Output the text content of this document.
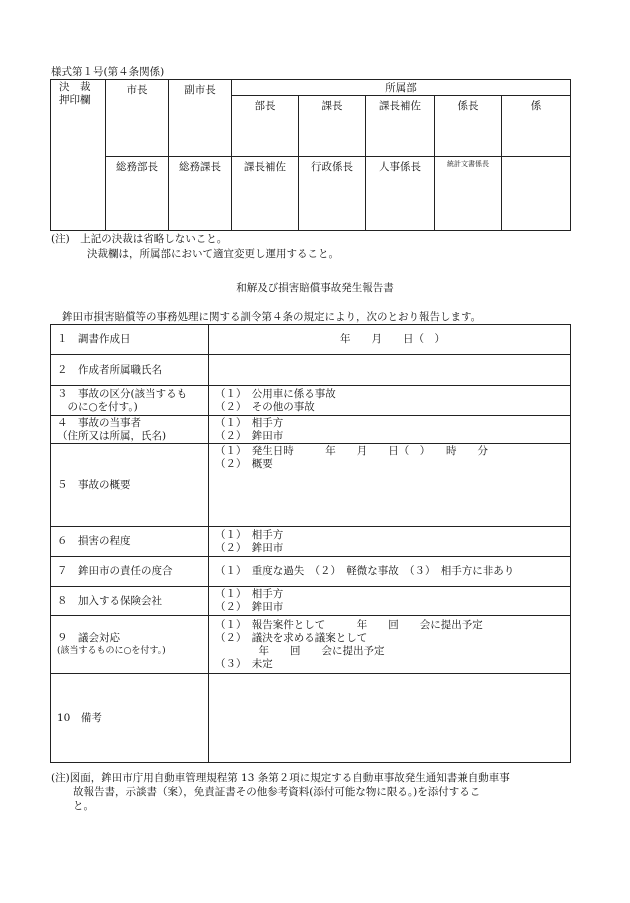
様式第１号(第４条関係)
決　裁
押印欄	市長	副市長	所属部				

			部長	課長	課長補佐	係長	係

	総務部長	総務課長	課長補佐	行政係長	人事係長	統計文書係長	

(注)　上記の決裁は省略しないこと。
決裁欄は，所属部において適宜変更し運用すること。
和解及び損害賠償事故発生報告書
鉾田市損害賠償等の事務処理に関する訓令第４条の規定により，次のとおり報告します。
１　調書作成日	年　　月　　日（　）

２　作成者所属職氏名	

３　事故の区分(該当するも
　のに○を付す。)	（１）　公用車に係る事故
（２）　その他の事故

４　事故の当事者
（住所又は所属，氏名)	（１）　相手方
（２）　鉾田市

５　事故の概要	（１）　発生日時　　　年　　月　　日（　）　　時　　分
（２）　概要

６　損害の程度	（１）　相手方
（２）　鉾田市

７　鉾田市の責任の度合	（１）　重度な過失　（２）　軽微な事故　（３）　相手方に非あり

８　加入する保険会社	（１）　相手方
（２）　鉾田市

９　議会対応
(該当するものに○を付す。)	（１）　報告案件として　　　年　　回　　会に提出予定
（２）　議決を求める議案として
　　　年　　回　　会に提出予定
（３）　未定

10　備考	

(注)図面，鉾田市庁用自動車管理規程第 13 条第２項に規定する自動車事故発生通知書兼自動車事
故報告書，示談書（案），免責証書その他参考資料(添付可能な物に限る。)を添付するこ
と。
